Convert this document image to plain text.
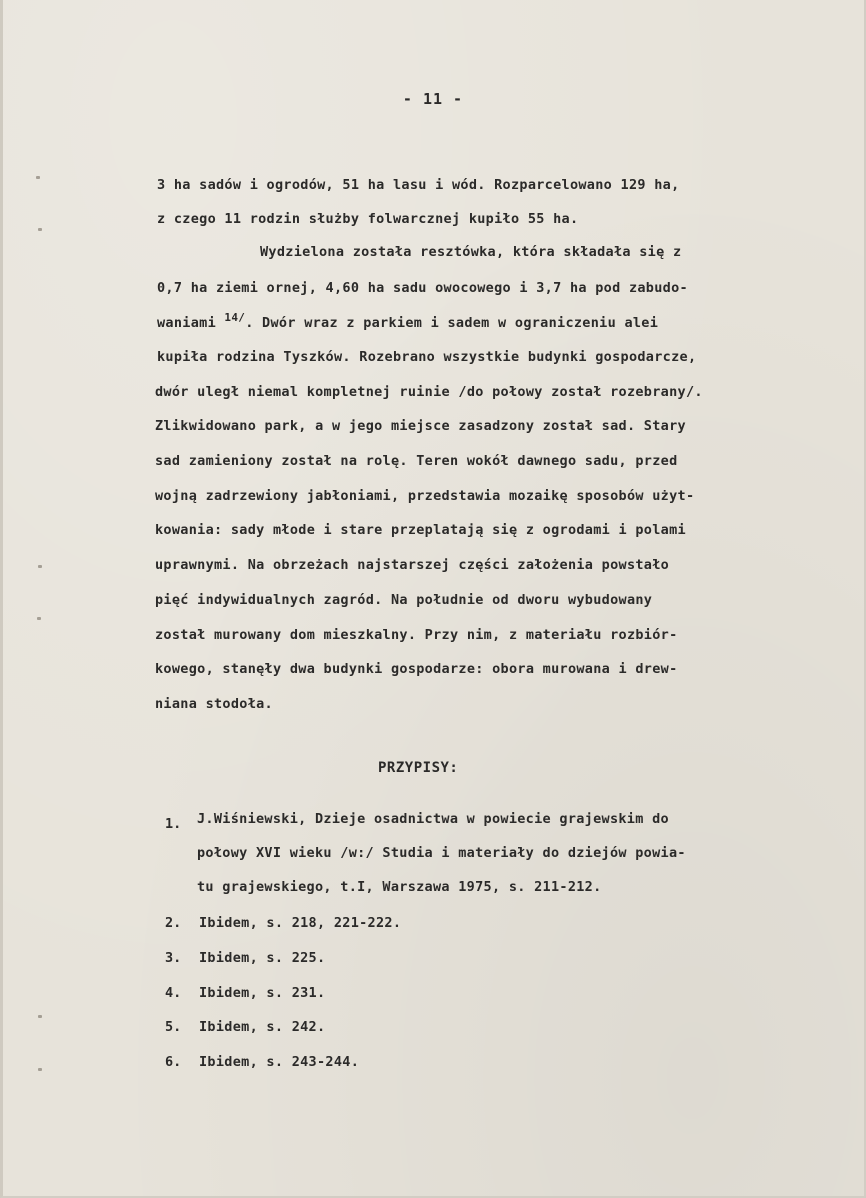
- 11 -
3 ha sadów i ogrodów, 51 ha lasu i wód. Rozparcelowano 129 ha,
z czego 11 rodzin służby folwarcznej kupiło 55 ha.
Wydzielona została resztówka, która składała się z
0,7 ha ziemi ornej, 4,60 ha sadu owocowego i 3,7 ha pod zabudo-
waniami $^{14/}$. Dwór wraz z parkiem i sadem w ograniczeniu alei
kupiła rodzina Tyszków. Rozebrano wszystkie budynki gospodarcze,
dwór uległ niemal kompletnej ruinie /do połowy został rozebrany/.
Zlikwidowano park, a w jego miejsce zasadzony został sad. Stary
sad zamieniony został na rolę. Teren wokół dawnego sadu, przed
wojną zadrzewiony jabłoniami, przedstawia mozaikę sposobów użyt-
kowania: sady młode i stare przeplatają się z ogrodami i polami
uprawnymi. Na obrzeżach najstarszej części założenia powstało
pięć indywidualnych zagród. Na południe od dworu wybudowany
został murowany dom mieszkalny. Przy nim, z materiału rozbiór-
kowego, stanęły dwa budynki gospodarze: obora murowana i drew-
niana stodoła.
PRZYPISY:
1. J.Wiśniewski, Dzieje osadnictwa w powiecie grajewskim do
połowy XVI wieku /w:/ Studia i materiały do dziejów powia-
tu grajewskiego, t.I, Warszawa 1975, s. 211-212.
2. Ibidem, s. 218, 221-222.
3. Ibidem, s. 225.
4. Ibidem, s. 231.
5. Ibidem, s. 242.
6. Ibidem, s. 243-244.
